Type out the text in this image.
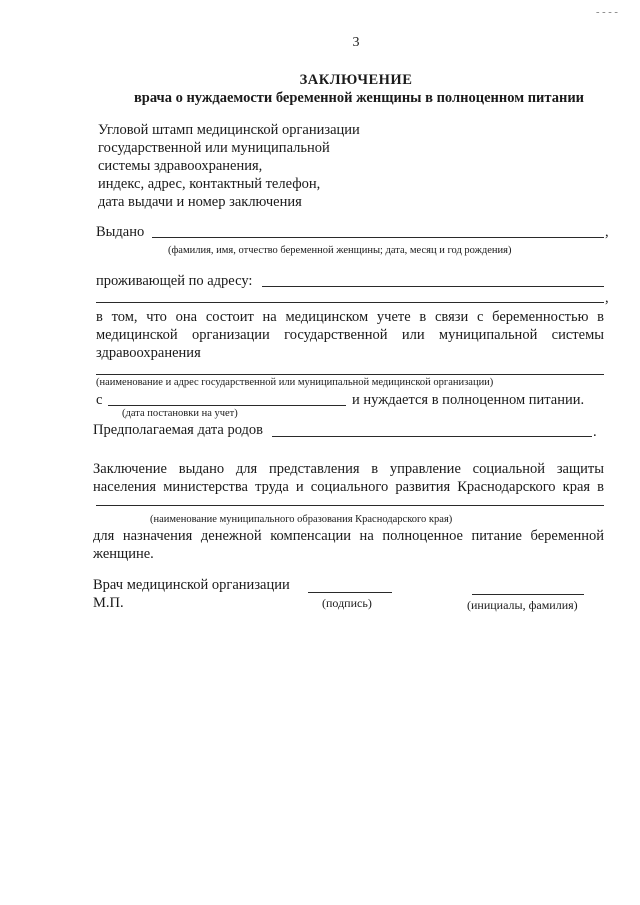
- - - -
3
ЗАКЛЮЧЕНИЕ
врача о нуждаемости беременной женщины в полноценном питании
Угловой штамп медицинской организации
государственной или муниципальной
системы здравоохранения,
индекс, адрес, контактный телефон,
дата выдачи и номер заключения
Выдано	,
(фамилия, имя, отчество беременной женщины; дата, месяц и год рождения)
проживающей по адресу:
,
в том, что она состоит на медицинском учете в связи с беременностью в
медицинской организации государственной или муниципальной системы
здравоохранения
(наименование и адрес государственной или муниципальной медицинской организации)
с	и нуждается в полноценном питании.
(дата постановки на учет)
Предполагаемая дата родов	.
Заключение выдано для представления в управление социальной защиты
населения министерства труда и социального развития Краснодарского края в
(наименование муниципального образования Краснодарского края)
для назначения денежной компенсации на полноценное питание беременной
женщине.
Врач медицинской организации
М.П.	(подпись)	(инициалы, фамилия)
